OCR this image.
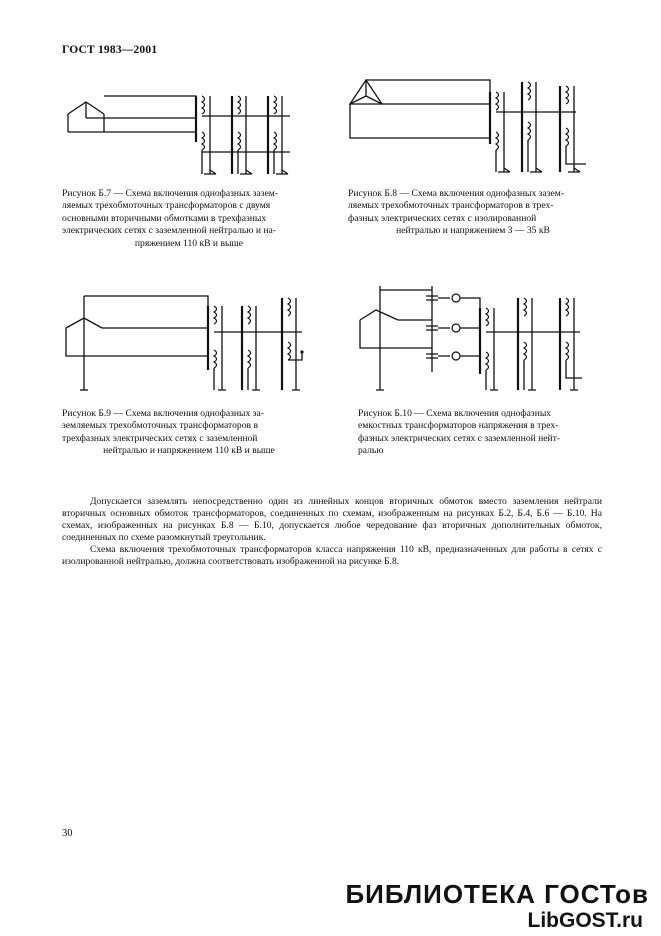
ГОСТ 1983—2001
Рисунок Б.7 — Схема включения однофазных зазем-
ляемых трехобмоточных трансформаторов с двумя
основными вторичными обмотками в трехфазных
электрических сетях с заземленной нейтралью и на-
пряжением 110 кВ и выше
Рисунок Б.8 — Схема включения однофазных зазем-
ляемых трехобмоточных трансформаторов в трех-
фазных электрических сетях с изолированной
нейтралью и напряжением 3 — 35 кВ
Рисунок Б.9 — Схема включения однофазных за-
земляемых трехобмоточных трансформаторов в
трехфазных электрических сетях с заземленной
нейтралью и напряжением 110 кВ и выше
Рисунок Б.10 — Схема включения однофазных
емкостных трансформаторов напряжения в трех-
фазных электрических сетях с заземленной нейт-
ралью

Допускается заземлять непосредственно один из линейных концов вторичных обмоток вместо заземления нейтрали вторичных основных обмоток трансформаторов, соединенных по схемам, изображенным на рисунках Б.2, Б.4, Б.6 — Б.10. На схемах, изображенных на рисунках Б.8 — Б.10, допускается любое чередование фаз вторичных дополнительных обмоток, соединенных по схеме разомкнутый треугольник.

Схема включения трехобмоточных трансформаторов класса напряжения 110 кВ, предназначенных для работы в сетях с изолированной нейтралью, должна соответствовать изображенной на рисунке Б.8.

30
БИБЛИОТЕКА ГОСТов
LibGOST.ru
